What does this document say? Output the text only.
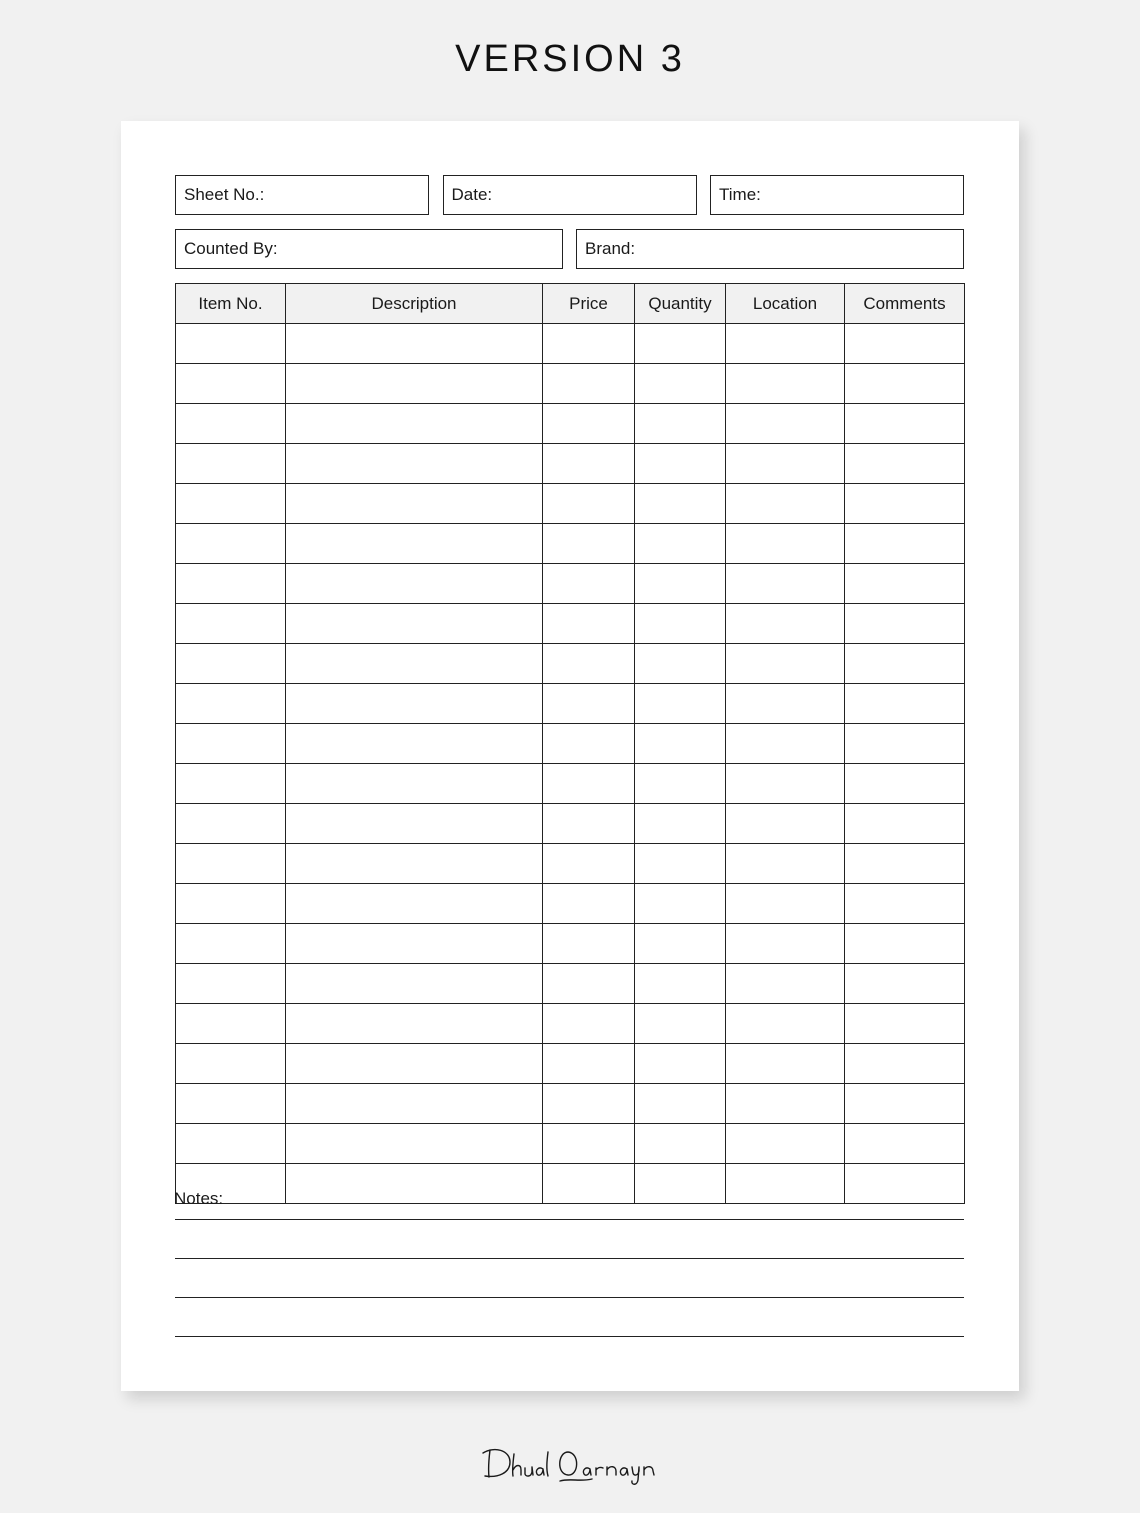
VERSION 3
Sheet No.:	Date:	Time:
Counted By:	Brand:
Item No.	Description	Price	Quantity	Location	Comments

Notes:
